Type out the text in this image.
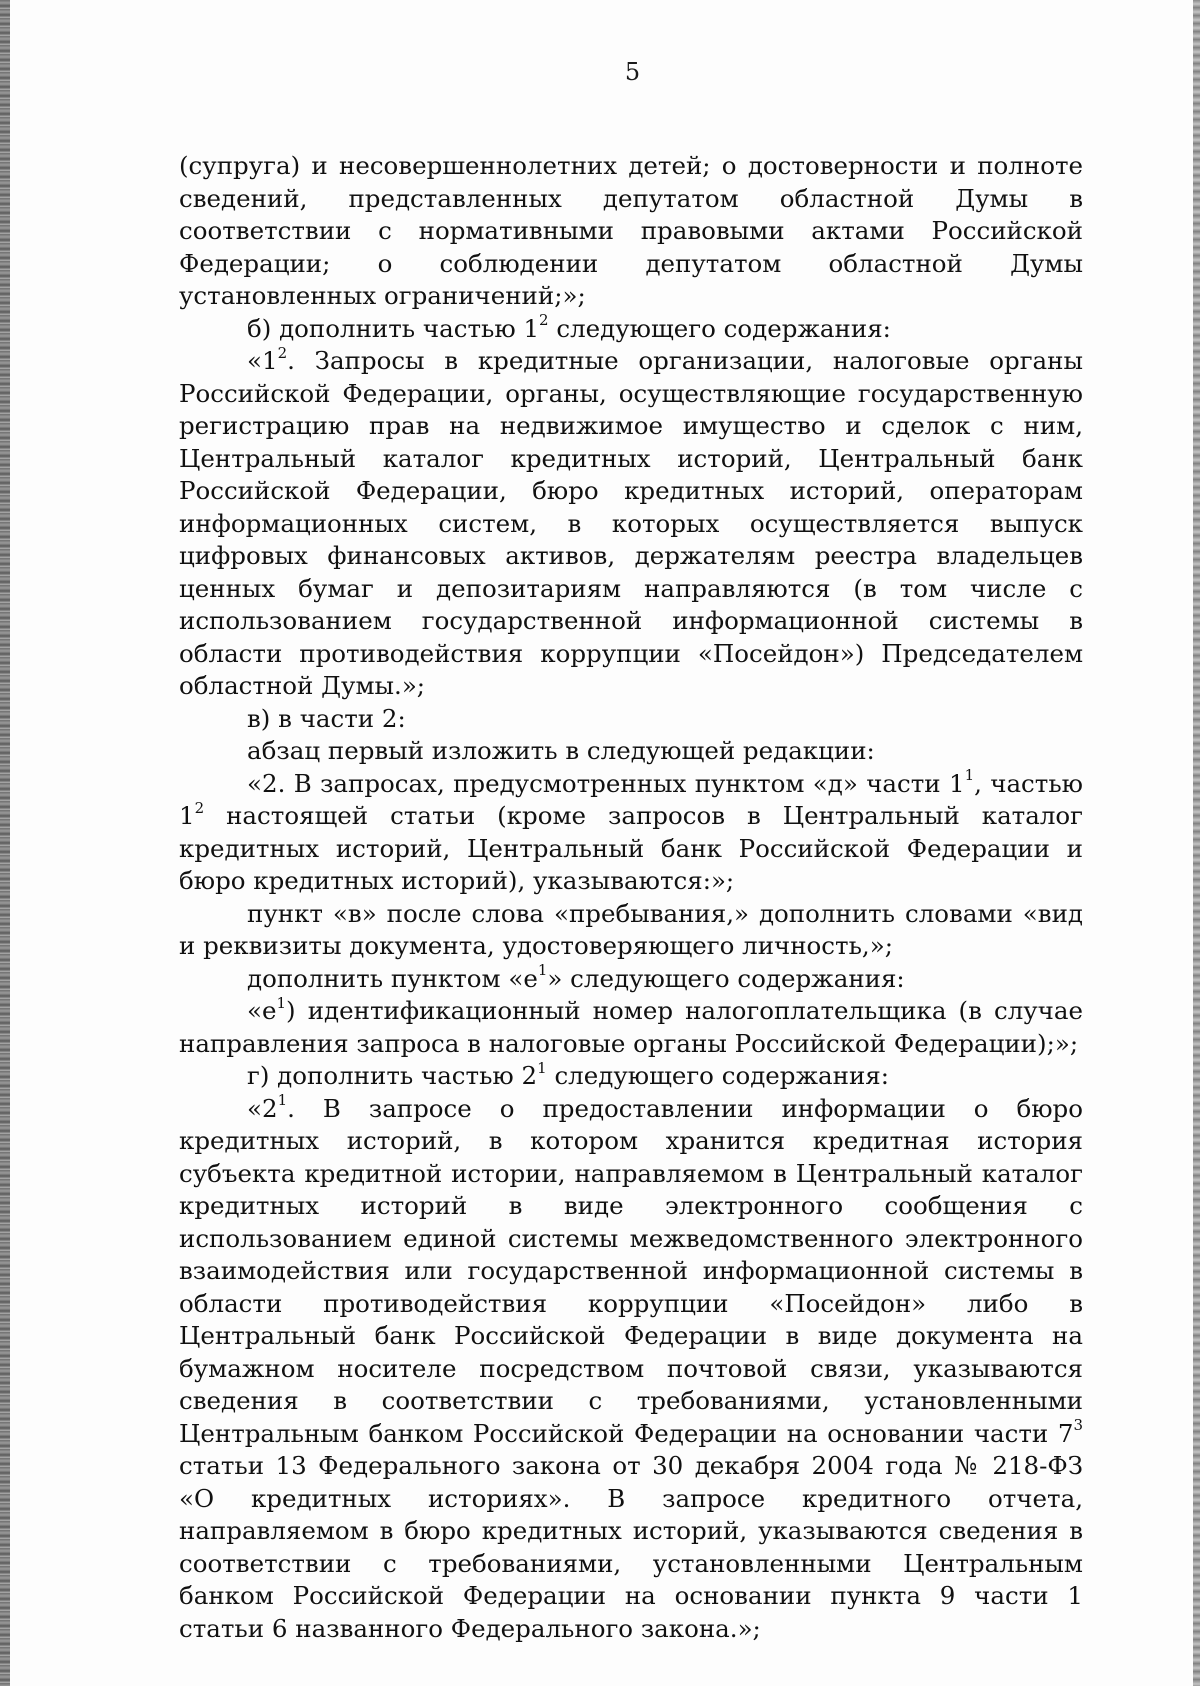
5

(супруга) и несовершеннолетних детей; о достоверности и полноте сведений, представленных депутатом областной Думы в соответствии с нормативными правовыми актами Российской Федерации; о соблюдении депутатом областной Думы установленных ограничений;»;

б) дополнить частью $1^2$ следующего содержания:

«$1^2$. Запросы в кредитные организации, налоговые органы Российской Федерации, органы, осуществляющие государственную регистрацию прав на недвижимое имущество и сделок с ним, Центральный каталог кредитных историй, Центральный банк Российской Федерации, бюро кредитных историй, операторам информационных систем, в которых осуществляется выпуск цифровых финансовых активов, держателям реестра владельцев ценных бумаг и депозитариям направляются (в том числе с использованием государственной информационной системы в области противодействия коррупции «Посейдон») Председателем областной Думы.»;

в) в части 2:

абзац первый изложить в следующей редакции:

«2. В запросах, предусмотренных пунктом «д» части $1^1$, частью $1^2$ настоящей статьи (кроме запросов в Центральный каталог кредитных историй, Центральный банк Российской Федерации и бюро кредитных историй), указываются:»;

пункт «в» после слова «пребывания,» дополнить словами «вид и реквизиты документа, удостоверяющего личность,»;

дополнить пунктом «$е^1$» следующего содержания:

«$е^1$) идентификационный номер налогоплательщика (в случае направления запроса в налоговые органы Российской Федерации);»;

г) дополнить частью $2^1$ следующего содержания:

«$2^1$. В запросе о предоставлении информации о бюро кредитных историй, в котором хранится кредитная история субъекта кредитной истории, направляемом в Центральный каталог кредитных историй в виде электронного сообщения с использованием единой системы межведомственного электронного взаимодействия или государственной информационной системы в области противодействия коррупции «Посейдон» либо в Центральный банк Российской Федерации в виде документа на бумажном носителе посредством почтовой связи, указываются сведения в соответствии с требованиями, установленными Центральным банком Российской Федерации на основании части $7^3$ статьи 13 Федерального закона от 30 декабря 2004 года № 218-ФЗ «О кредитных историях». В запросе кредитного отчета, направляемом в бюро кредитных историй, указываются сведения в соответствии с требованиями, установленными Центральным банком Российской Федерации на основании пункта 9 части 1 статьи 6 названного Федерального закона.»;
